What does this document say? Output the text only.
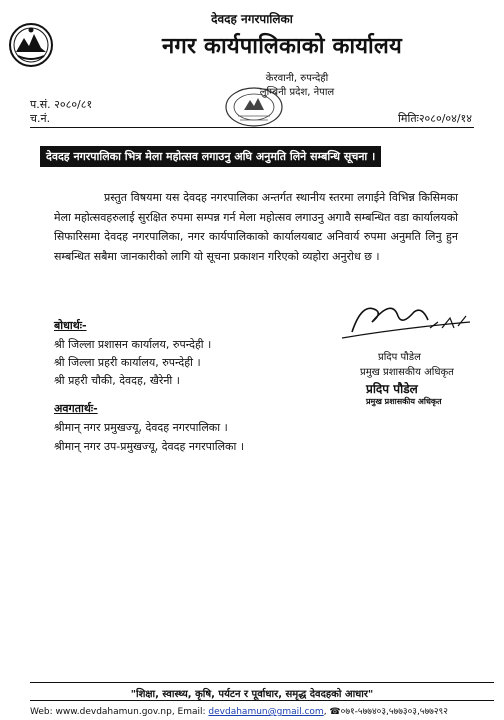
देवदह नगरपालिका
नगर कार्यपालिकाको कार्यालय
केरवानी, रुपन्देही
लुम्बिनी प्रदेश, नेपाल
प.सं. २०८०/८१
च.नं.	मितिः२०८०/०४/१४
देवदह नगरपालिका भित्र मेला महोत्सव लगाउनु अघि अनुमति लिने सम्बन्धि सूचना ।

प्रस्तुत विषयमा यस देवदह नगरपालिका अन्तर्गत स्थानीय स्तरमा लगाईने विभिन्न किसिमका मेला महोत्सवहरुलाई सुरक्षित रुपमा सम्पन्न गर्न मेला महोत्सव लगाउनु अगावै सम्बन्धित वडा कार्यालयको सिफारिसमा देवदह नगरपालिका, नगर कार्यपालिकाको कार्यालयबाट अनिवार्य रुपमा अनुमति लिनु हुन सम्बन्धित सबैमा जानकारीको लागि यो सूचना प्रकाशन गरिएको व्यहोरा अनुरोध छ ।

प्रदिप पौडेल
प्रमुख प्रशासकीय अधिकृत
प्रदिप पौडेल
प्रमुख प्रशासकीय अधिकृत
बोधार्थः-
श्री जिल्ला प्रशासन कार्यालय, रुपन्देही ।
श्री जिल्ला प्रहरी कार्यालय, रुपन्देही ।
श्री प्रहरी चौकी, देवदह, खैरेनी ।
अवगतार्थः-
श्रीमान् नगर प्रमुखज्यू, देवदह नगरपालिका ।
श्रीमान् नगर उप-प्रमुखज्यू, देवदह नगरपालिका ।
"शिक्षा, स्वास्थ्य, कृषि, पर्यटन र पूर्वाधार, समृद्ध देवदहको आधार"
Web: www.devdahamun.gov.np, Email: devdahamun@gmail.com, ☎०७१-५७७४०३,५७७३०३,५७७२९२
